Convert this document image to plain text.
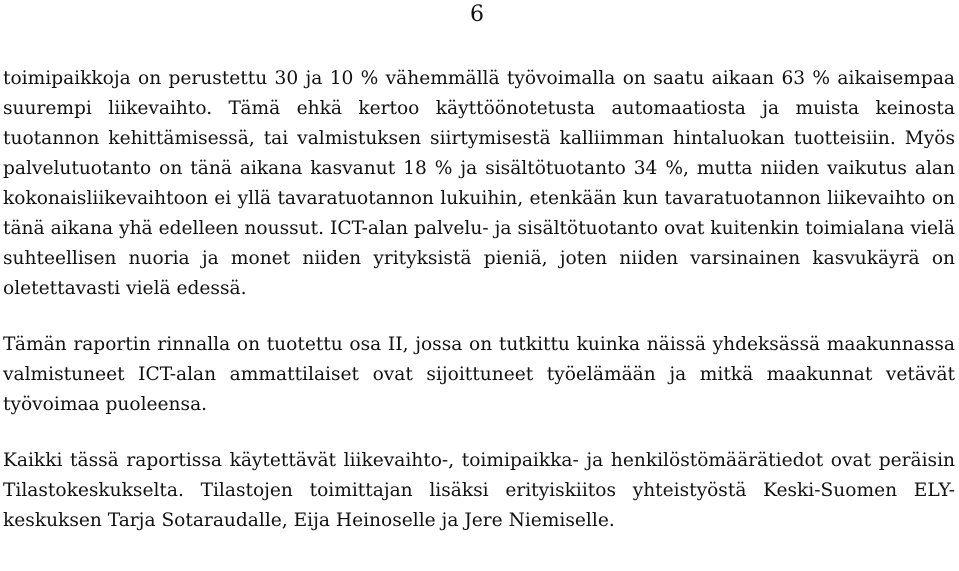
6

toimipaikkoja on perustettu 30 ja 10 % vähemmällä työvoimalla on saatu aikaan 63 % aikaisempaa suurempi liikevaihto. Tämä ehkä kertoo käyttöönotetusta automaatiosta ja muista keinosta tuotannon kehittämisessä, tai valmistuksen siirtymisestä kalliimman hintaluokan tuotteisiin. Myös palvelutuotanto on tänä aikana kasvanut 18 % ja sisältötuotanto 34 %, mutta niiden vaikutus alan kokonaisliikevaihtoon ei yllä tavaratuotannon lukuihin, etenkään kun tavaratuotannon liikevaihto on tänä aikana yhä edelleen noussut. ICT-alan palvelu- ja sisältötuotanto ovat kuitenkin toimialana vielä suhteellisen nuoria ja monet niiden yrityksistä pieniä, joten niiden varsinainen kasvukäyrä on oletettavasti vielä edessä.

Tämän raportin rinnalla on tuotettu osa II, jossa on tutkittu kuinka näissä yhdeksässä maakunnassa valmistuneet ICT-alan ammattilaiset ovat sijoittuneet työelämään ja mitkä maakunnat vetävät työvoimaa puoleensa.

Kaikki tässä raportissa käytettävät liikevaihto-, toimipaikka- ja henkilöstömäärätiedot ovat peräisin Tilastokeskukselta. Tilastojen toimittajan lisäksi erityiskiitos yhteistyöstä Keski-Suomen ELY-keskuksen Tarja Sotaraudalle, Eija Heinoselle ja Jere Niemiselle.
